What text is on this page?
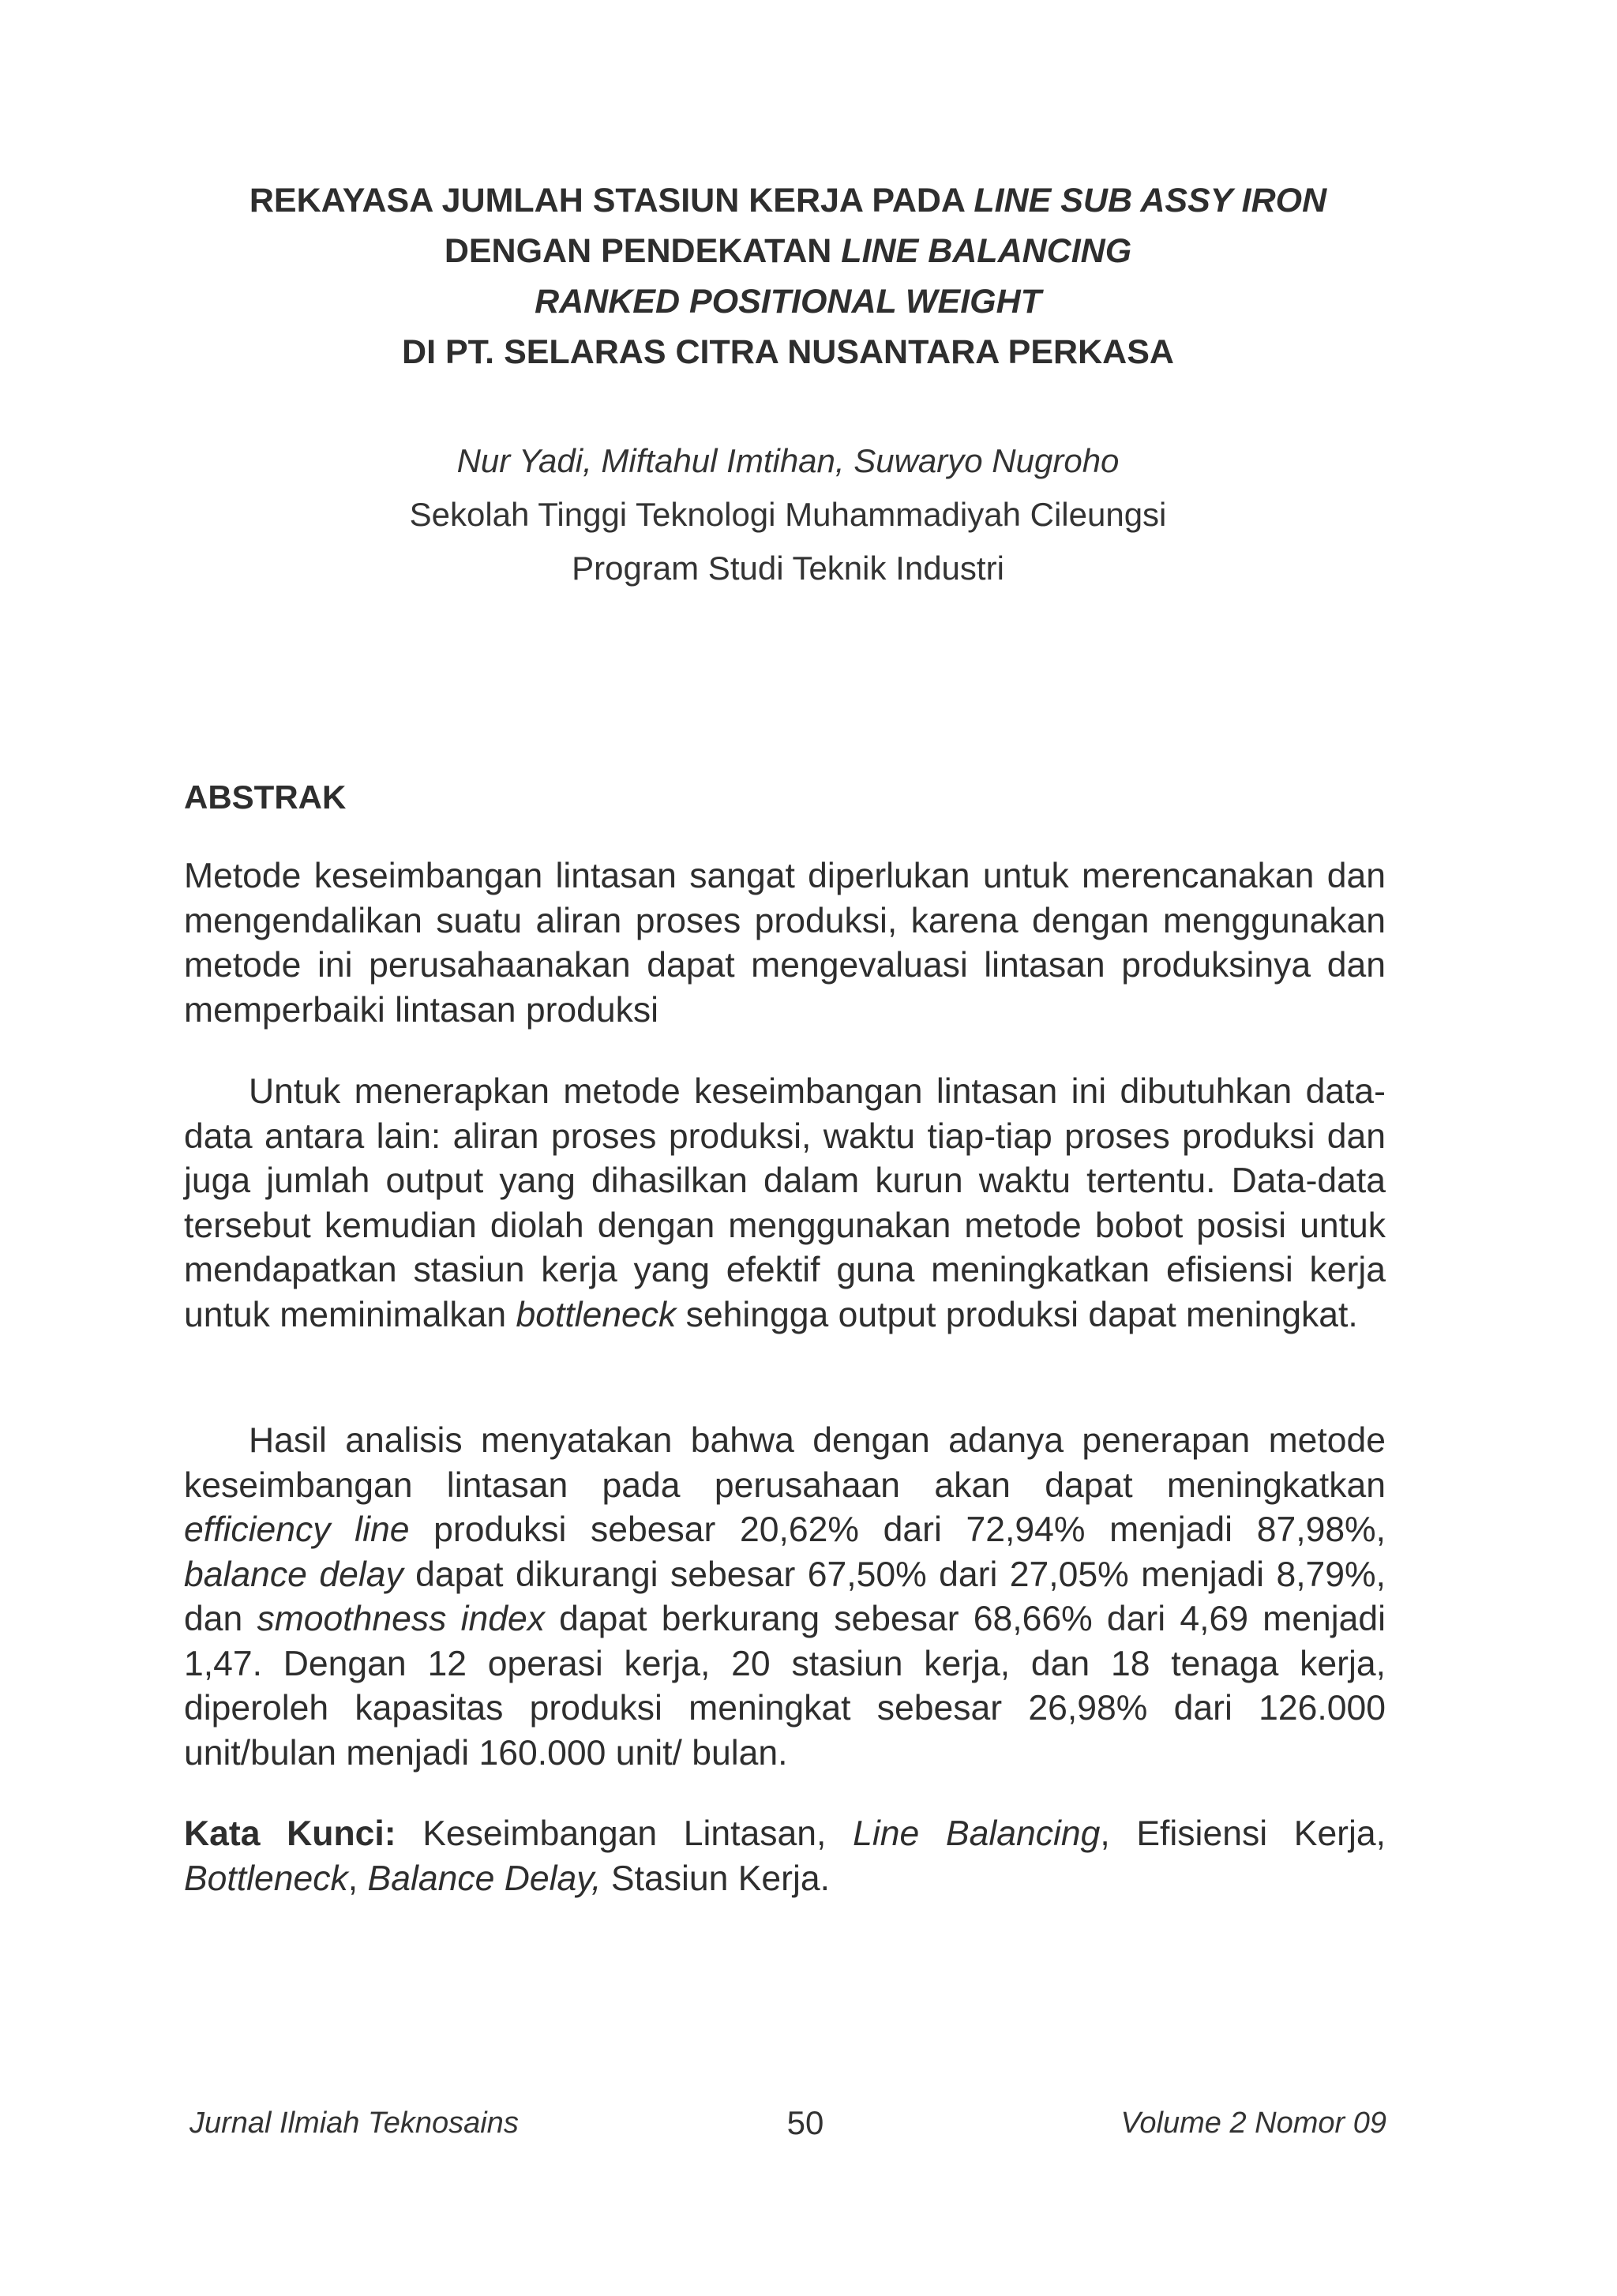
REKAYASA JUMLAH STASIUN KERJA PADA LINE SUB ASSY IRON
DENGAN PENDEKATAN LINE BALANCING
RANKED POSITIONAL WEIGHT
DI PT. SELARAS CITRA NUSANTARA PERKASA
Nur Yadi, Miftahul Imtihan, Suwaryo Nugroho
Sekolah Tinggi Teknologi Muhammadiyah Cileungsi
Program Studi Teknik Industri
ABSTRAK
Metode keseimbangan lintasan sangat diperlukan untuk merencanakan dan mengendalikan suatu aliran proses produksi, karena dengan menggunakan metode ini perusahaanakan dapat mengevaluasi lintasan produksinya dan memperbaiki lintasan produksi
Untuk menerapkan metode keseimbangan lintasan ini dibutuhkan data-data antara lain: aliran proses produksi, waktu tiap-tiap proses produksi dan juga jumlah output yang dihasilkan dalam kurun waktu tertentu. Data-data tersebut kemudian diolah dengan menggunakan metode bobot posisi untuk mendapatkan stasiun kerja yang efektif guna meningkatkan efisiensi kerja untuk meminimalkan bottleneck sehingga output produksi dapat meningkat.
Hasil analisis menyatakan bahwa dengan adanya penerapan metode keseimbangan lintasan pada perusahaan akan dapat meningkatkan efficiency line produksi sebesar 20,62% dari 72,94% menjadi 87,98%, balance delay dapat dikurangi sebesar 67,50% dari 27,05% menjadi 8,79%, dan smoothness index dapat berkurang sebesar 68,66% dari 4,69 menjadi 1,47. Dengan 12 operasi kerja, 20 stasiun kerja, dan 18 tenaga kerja, diperoleh kapasitas produksi meningkat sebesar 26,98% dari 126.000 unit/bulan menjadi 160.000 unit/ bulan.
Kata Kunci: Keseimbangan Lintasan, Line Balancing, Efisiensi Kerja, Bottleneck, Balance Delay, Stasiun Kerja.
Jurnal Ilmiah Teknosains	50	Volume 2 Nomor 09
